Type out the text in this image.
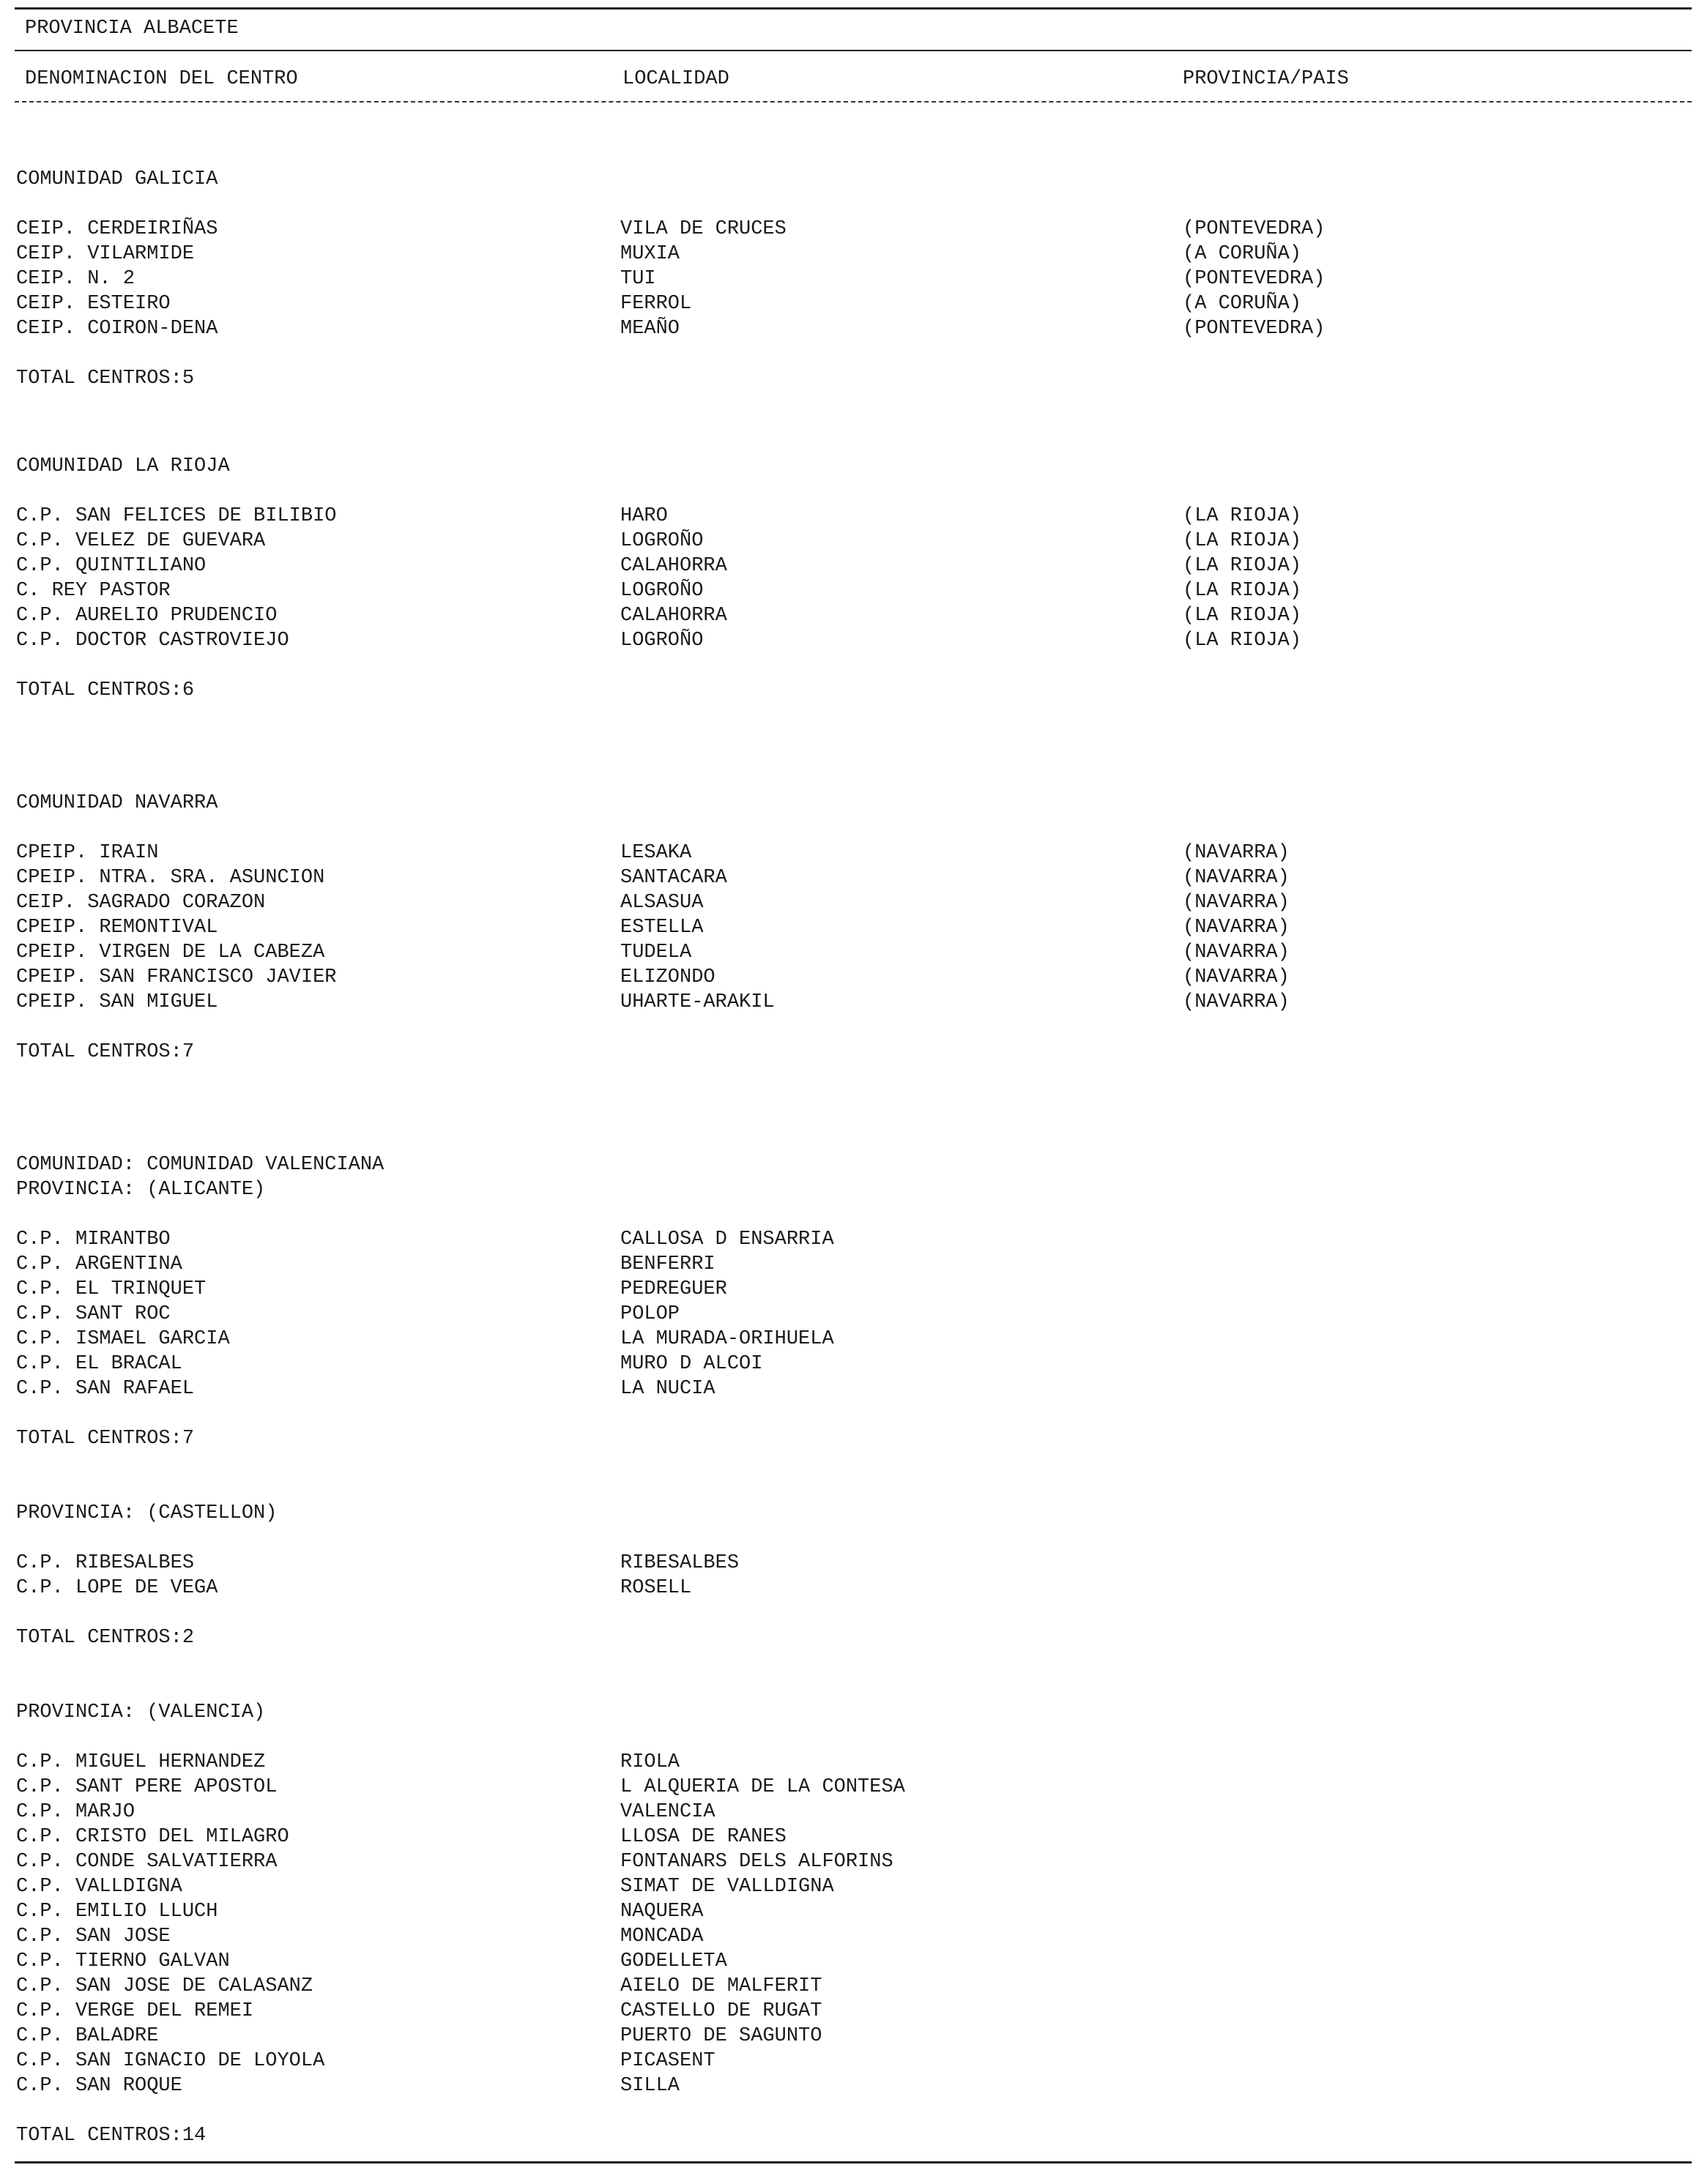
PROVINCIA ALBACETE
DENOMINACION DEL CENTRO	LOCALIDAD	PROVINCIA/PAIS
COMUNIDAD GALICIA
CEIP. CERDEIRIÑAS	VILA DE CRUCES	(PONTEVEDRA)
CEIP. VILARMIDE	MUXIA	(A CORUÑA)
CEIP. N. 2	TUI	(PONTEVEDRA)
CEIP. ESTEIRO	FERROL	(A CORUÑA)
CEIP. COIRON-DENA	MEAÑO	(PONTEVEDRA)
TOTAL CENTROS:5
COMUNIDAD LA RIOJA
C.P. SAN FELICES DE BILIBIO	HARO	(LA RIOJA)
C.P. VELEZ DE GUEVARA	LOGROÑO	(LA RIOJA)
C.P. QUINTILIANO	CALAHORRA	(LA RIOJA)
C. REY PASTOR	LOGROÑO	(LA RIOJA)
C.P. AURELIO PRUDENCIO	CALAHORRA	(LA RIOJA)
C.P. DOCTOR CASTROVIEJO	LOGROÑO	(LA RIOJA)
TOTAL CENTROS:6
COMUNIDAD NAVARRA
CPEIP. IRAIN	LESAKA	(NAVARRA)
CPEIP. NTRA. SRA. ASUNCION	SANTACARA	(NAVARRA)
CEIP. SAGRADO CORAZON	ALSASUA	(NAVARRA)
CPEIP. REMONTIVAL	ESTELLA	(NAVARRA)
CPEIP. VIRGEN DE LA CABEZA	TUDELA	(NAVARRA)
CPEIP. SAN FRANCISCO JAVIER	ELIZONDO	(NAVARRA)
CPEIP. SAN MIGUEL	UHARTE-ARAKIL	(NAVARRA)
TOTAL CENTROS:7
COMUNIDAD: COMUNIDAD VALENCIANA
PROVINCIA: (ALICANTE)
C.P. MIRANTBO	CALLOSA D ENSARRIA
C.P. ARGENTINA	BENFERRI
C.P. EL TRINQUET	PEDREGUER
C.P. SANT ROC	POLOP
C.P. ISMAEL GARCIA	LA MURADA-ORIHUELA
C.P. EL BRACAL	MURO D ALCOI
C.P. SAN RAFAEL	LA NUCIA
TOTAL CENTROS:7
PROVINCIA: (CASTELLON)
C.P. RIBESALBES	RIBESALBES
C.P. LOPE DE VEGA	ROSELL
TOTAL CENTROS:2
PROVINCIA: (VALENCIA)
C.P. MIGUEL HERNANDEZ	RIOLA
C.P. SANT PERE APOSTOL	L ALQUERIA DE LA CONTESA
C.P. MARJO	VALENCIA
C.P. CRISTO DEL MILAGRO	LLOSA DE RANES
C.P. CONDE SALVATIERRA	FONTANARS DELS ALFORINS
C.P. VALLDIGNA	SIMAT DE VALLDIGNA
C.P. EMILIO LLUCH	NAQUERA
C.P. SAN JOSE	MONCADA
C.P. TIERNO GALVAN	GODELLETA
C.P. SAN JOSE DE CALASANZ	AIELO DE MALFERIT
C.P. VERGE DEL REMEI	CASTELLO DE RUGAT
C.P. BALADRE	PUERTO DE SAGUNTO
C.P. SAN IGNACIO DE LOYOLA	PICASENT
C.P. SAN ROQUE	SILLA
TOTAL CENTROS:14
